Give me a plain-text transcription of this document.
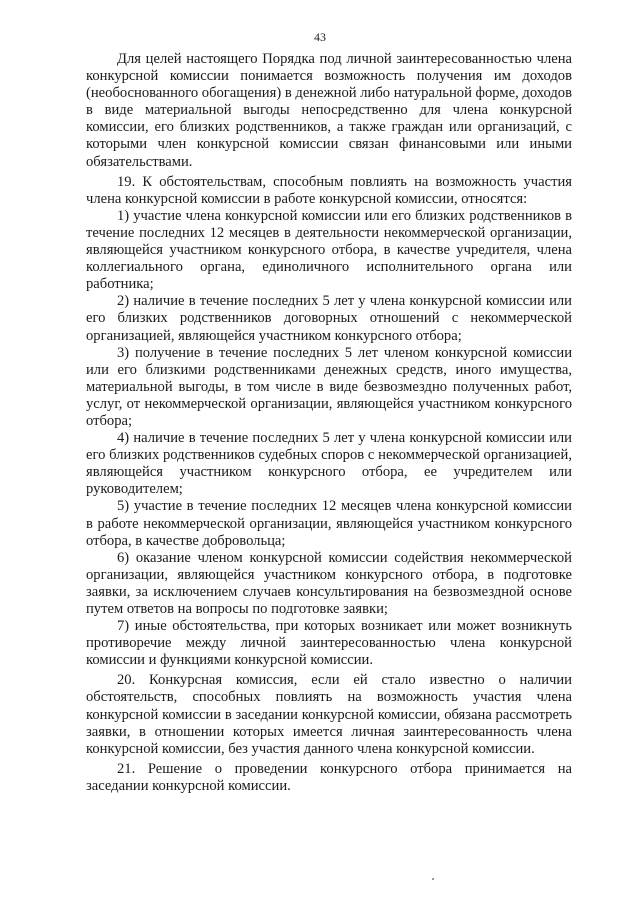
43

Для целей настоящего Порядка под личной заинтересованностью члена конкурсной комиссии понимается возможность получения им доходов (необоснованного обогащения) в денежной либо натуральной форме, доходов в виде материальной выгоды непосредственно для члена конкурсной комиссии, его близких родственников, а также граждан или организаций, с которыми член конкурсной комиссии связан финансовыми или иными обязательствами.

19. К обстоятельствам, способным повлиять на возможность участия члена конкурсной комиссии в работе конкурсной комиссии, относятся:

1) участие члена конкурсной комиссии или его близких родственников в течение последних 12 месяцев в деятельности некоммерческой организации, являющейся участником конкурсного отбора, в качестве учредителя, члена коллегиального органа, единоличного исполнительного органа или работника;

2) наличие в течение последних 5 лет у члена конкурсной комиссии или его близких родственников договорных отношений с некоммерческой организацией, являющейся участником конкурсного отбора;

3) получение в течение последних 5 лет членом конкурсной комиссии или его близкими родственниками денежных средств, иного имущества, материальной выгоды, в том числе в виде безвозмездно полученных работ, услуг, от некоммерческой организации, являющейся участником конкурсного отбора;

4) наличие в течение последних 5 лет у члена конкурсной комиссии или его близких родственников судебных споров с некоммерческой организацией, являющейся участником конкурсного отбора, ее учредителем или руководителем;

5) участие в течение последних 12 месяцев члена конкурсной комиссии в работе некоммерческой организации, являющейся участником конкурсного отбора, в качестве добровольца;

6) оказание членом конкурсной комиссии содействия некоммерческой организации, являющейся участником конкурсного отбора, в подготовке заявки, за исключением случаев консультирования на безвозмездной основе путем ответов на вопросы по подготовке заявки;

7) иные обстоятельства, при которых возникает или может возникнуть противоречие между личной заинтересованностью члена конкурсной комиссии и функциями конкурсной комиссии.

20. Конкурсная комиссия, если ей стало известно о наличии обстоятельств, способных повлиять на возможность участия члена конкурсной комиссии в заседании конкурсной комиссии, обязана рассмотреть заявки, в отношении которых имеется личная заинтересованность члена конкурсной комиссии, без участия данного члена конкурсной комиссии.

21. Решение о проведении конкурсного отбора принимается на заседании конкурсной комиссии.
